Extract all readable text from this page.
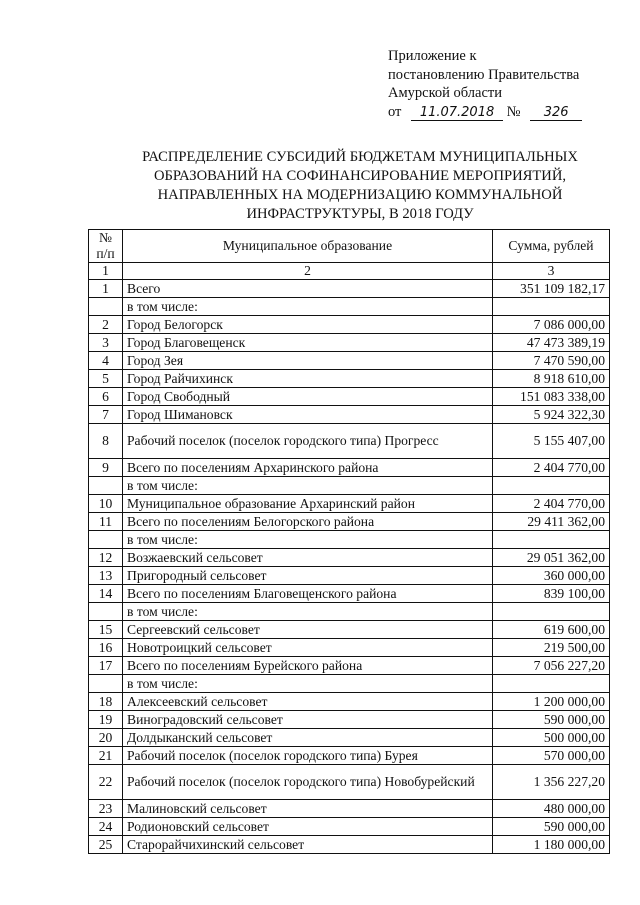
Приложение к
постановлению Правительства
Амурской области
от 11.07.2018 № 326
РАСПРЕДЕЛЕНИЕ СУБСИДИЙ БЮДЖЕТАМ МУНИЦИПАЛЬНЫХ ОБРАЗОВАНИЙ НА СОФИНАНСИРОВАНИЕ МЕРОПРИЯТИЙ, НАПРАВЛЕННЫХ НА МОДЕРНИЗАЦИЮ КОММУНАЛЬНОЙ ИНФРАСТРУКТУРЫ, В 2018 ГОДУ
№ п/п	Муниципальное образование	Сумма, рублей
1	2	3
1	Всего	351 109 182,17
	в том числе:	
2	Город Белогорск	7 086 000,00
3	Город Благовещенск	47 473 389,19
4	Город Зея	7 470 590,00
5	Город Райчихинск	8 918 610,00
6	Город Свободный	151 083 338,00
7	Город Шимановск	5 924 322,30
8	Рабочий поселок (поселок городского типа) Прогресс	5 155 407,00
9	Всего по поселениям Архаринского района	2 404 770,00
	в том числе:	
10	Муниципальное образование Архаринский район	2 404 770,00
11	Всего по поселениям Белогорского района	29 411 362,00
	в том числе:	
12	Возжаевский сельсовет	29 051 362,00
13	Пригородный сельсовет	360 000,00
14	Всего по поселениям Благовещенского района	839 100,00
	в том числе:	
15	Сергеевский сельсовет	619 600,00
16	Новотроицкий сельсовет	219 500,00
17	Всего по поселениям Бурейского района	7 056 227,20
	в том числе:	
18	Алексеевский сельсовет	1 200 000,00
19	Виноградовский сельсовет	590 000,00
20	Долдыканский сельсовет	500 000,00
21	Рабочий поселок (поселок городского типа) Бурея	570 000,00
22	Рабочий поселок (поселок городского типа) Новобурейский	1 356 227,20
23	Малиновский сельсовет	480 000,00
24	Родионовский сельсовет	590 000,00
25	Старорайчихинский сельсовет	1 180 000,00
